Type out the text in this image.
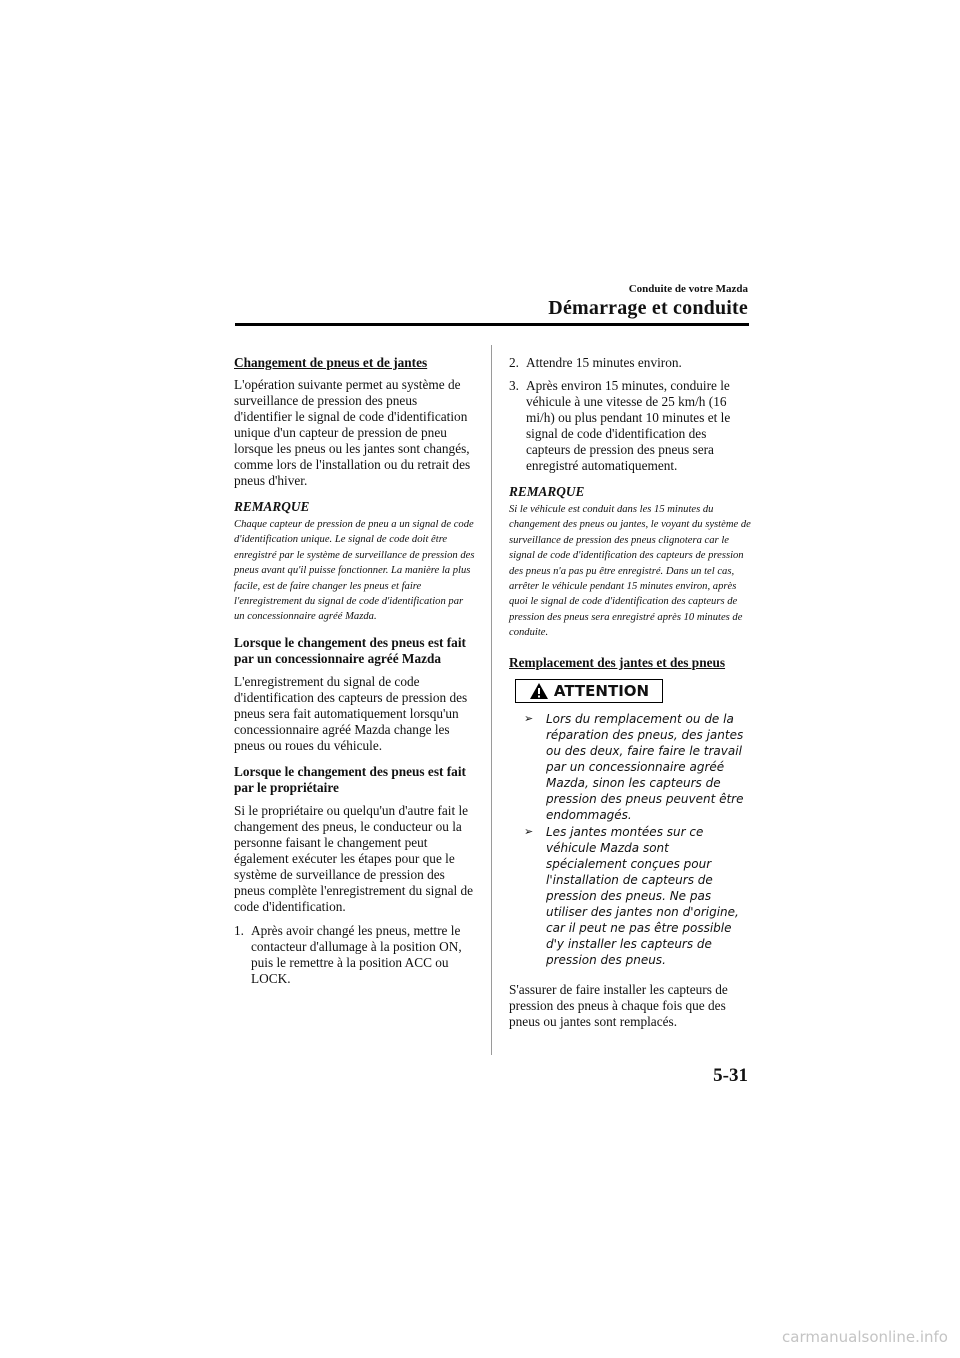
Conduite de votre Mazda
Démarrage et conduite

Changement de pneus et de jantes

L'opération suivante permet au système de surveillance de pression des pneus d'identifier le signal de code d'identification unique d'un capteur de pression de pneu lorsque les pneus ou les jantes sont changés, comme lors de l'installation ou du retrait des pneus d'hiver.

REMARQUE

Chaque capteur de pression de pneu a un signal de code d'identification unique. Le signal de code doit être enregistré par le système de surveillance de pression des pneus avant qu'il puisse fonctionner. La manière la plus facile, est de faire changer les pneus et faire l'enregistrement du signal de code d'identification par un concessionnaire agréé Mazda.

Lorsque le changement des pneus est fait par un concessionnaire agréé Mazda

L'enregistrement du signal de code d'identification des capteurs de pression des pneus sera fait automatiquement lorsqu'un concessionnaire agréé Mazda change les pneus ou roues du véhicule.

Lorsque le changement des pneus est fait par le propriétaire

Si le propriétaire ou quelqu'un d'autre fait le changement des pneus, le conducteur ou la personne faisant le changement peut également exécuter les étapes pour que le système de surveillance de pression des pneus complète l'enregistrement du signal de code d'identification.

1. Après avoir changé les pneus, mettre le contacteur d'allumage à la position ON, puis le remettre à la position ACC ou LOCK.
2. Attendre 15 minutes environ.
3. Après environ 15 minutes, conduire le véhicule à une vitesse de 25 km/h (16 mi/h) ou plus pendant 10 minutes et le signal de code d'identification des capteurs de pression des pneus sera enregistré automatiquement.

REMARQUE

Si le véhicule est conduit dans les 15 minutes du changement des pneus ou jantes, le voyant du système de surveillance de pression des pneus clignotera car le signal de code d'identification des capteurs de pression des pneus n'a pas pu être enregistré. Dans un tel cas, arrêter le véhicule pendant 15 minutes environ, après quoi le signal de code d'identification des capteurs de pression des pneus sera enregistré après 10 minutes de conduite.

Remplacement des jantes et des pneus

ATTENTION
➢	Lors du remplacement ou de la réparation des pneus, des jantes ou des deux, faire faire le travail par un concessionnaire agréé Mazda, sinon les capteurs de pression des pneus peuvent être endommagés.
➢	Les jantes montées sur ce véhicule Mazda sont spécialement conçues pour l'installation de capteurs de pression des pneus. Ne pas utiliser des jantes non d'origine, car il peut ne pas être possible d'y installer les capteurs de pression des pneus.

S'assurer de faire installer les capteurs de pression des pneus à chaque fois que des pneus ou jantes sont remplacés.

5-31
carmanualsonline.info
